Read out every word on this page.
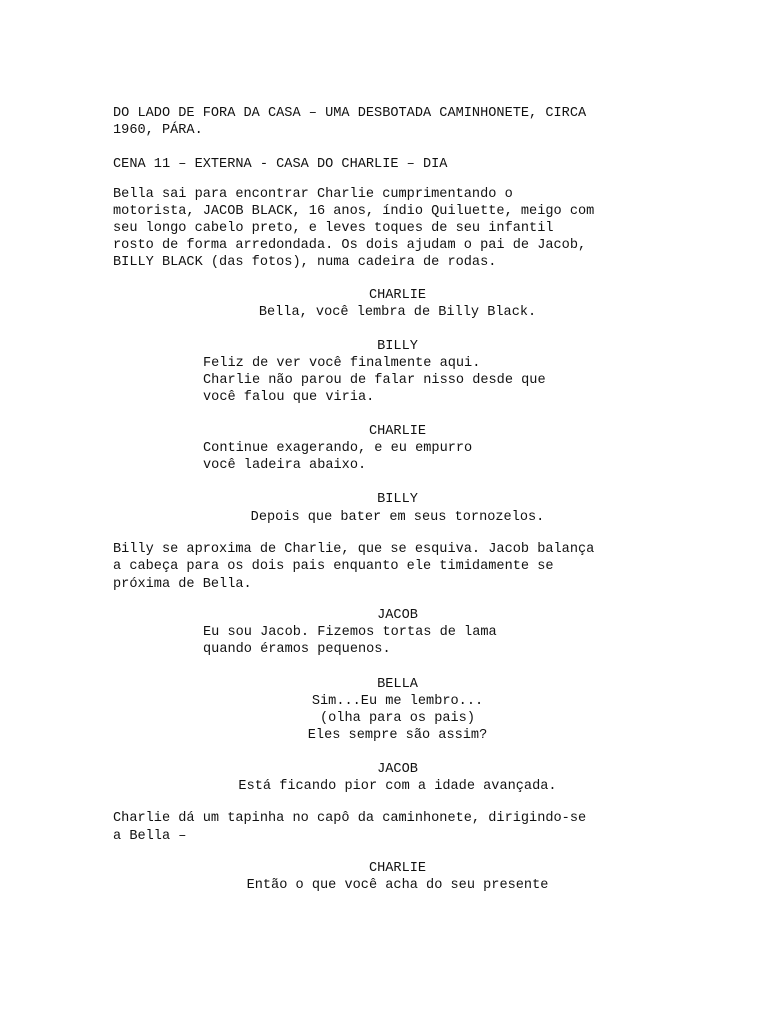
DO LADO DE FORA DA CASA – UMA DESBOTADA CAMINHONETE, CIRCA
1960, PÁRA.
CENA 11 – EXTERNA - CASA DO CHARLIE – DIA
Bella sai para encontrar Charlie cumprimentando o
motorista, JACOB BLACK, 16 anos, índio Quiluette, meigo com
seu longo cabelo preto, e leves toques de seu infantil
rosto de forma arredondada. Os dois ajudam o pai de Jacob,
BILLY BLACK (das fotos), numa cadeira de rodas.
CHARLIE
Bella, você lembra de Billy Black.
BILLY
Feliz de ver você finalmente aqui.
Charlie não parou de falar nisso desde que
você falou que viria.
CHARLIE
Continue exagerando, e eu empurro
você ladeira abaixo.
BILLY
Depois que bater em seus tornozelos.
Billy se aproxima de Charlie, que se esquiva. Jacob balança
a cabeça para os dois pais enquanto ele timidamente se
próxima de Bella.
JACOB
Eu sou Jacob. Fizemos tortas de lama
quando éramos pequenos.
BELLA
Sim...Eu me lembro...
(olha para os pais)
Eles sempre são assim?
JACOB
Está ficando pior com a idade avançada.
Charlie dá um tapinha no capô da caminhonete, dirigindo-se
a Bella –
CHARLIE
Então o que você acha do seu presente
